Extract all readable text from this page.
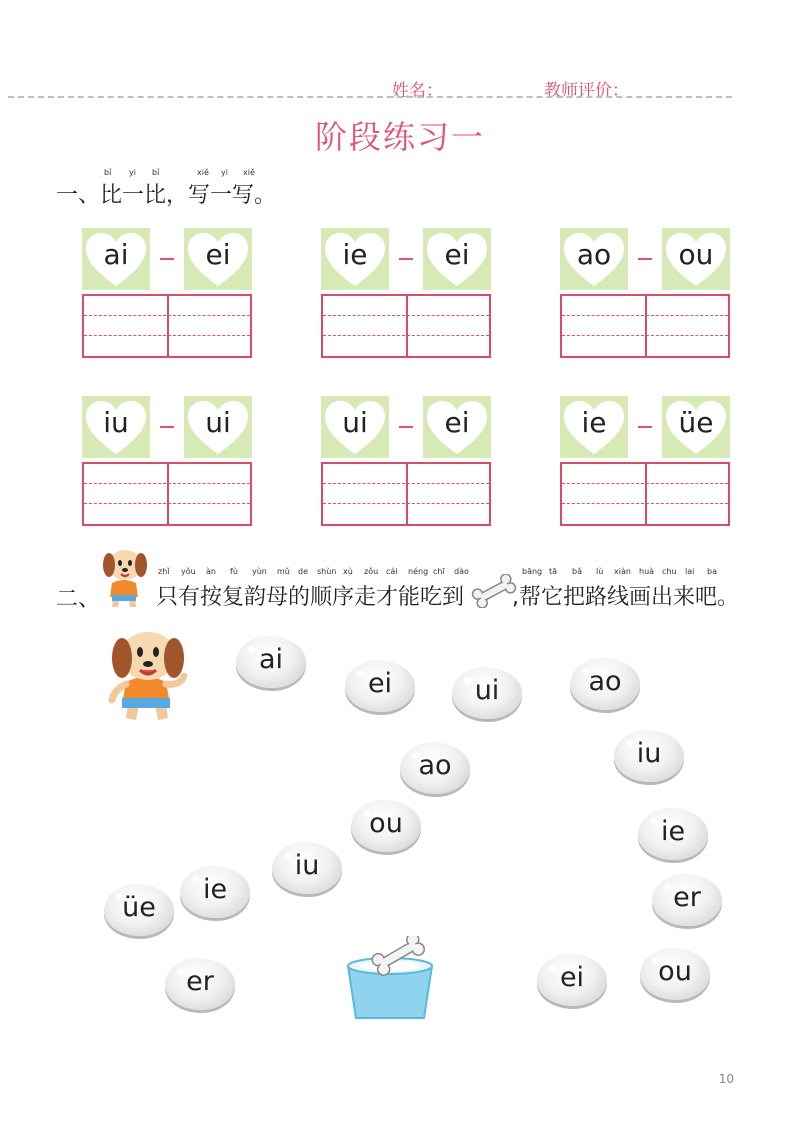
姓名：	教师评价：
阶段练习一
bǐ yi bǐ	xiě yi xiě
一、比一比，写一写。
ai	ei	ie	ei	ao	ou
iu	ui	ui	ei	ie	üe
二、
zhǐ yǒu àn fù yùn mǔ de shùn xù zǒu cái néng chī dào
只有按复韵母的顺序走才能吃到
bāng tā bǎ lù xiàn huà chu lai ba
,帮它把路线画出来吧。
ai
ei	ui	ao
ao	iu
ou	ie
iu
ie
üe	er
er	ei	ou
10
